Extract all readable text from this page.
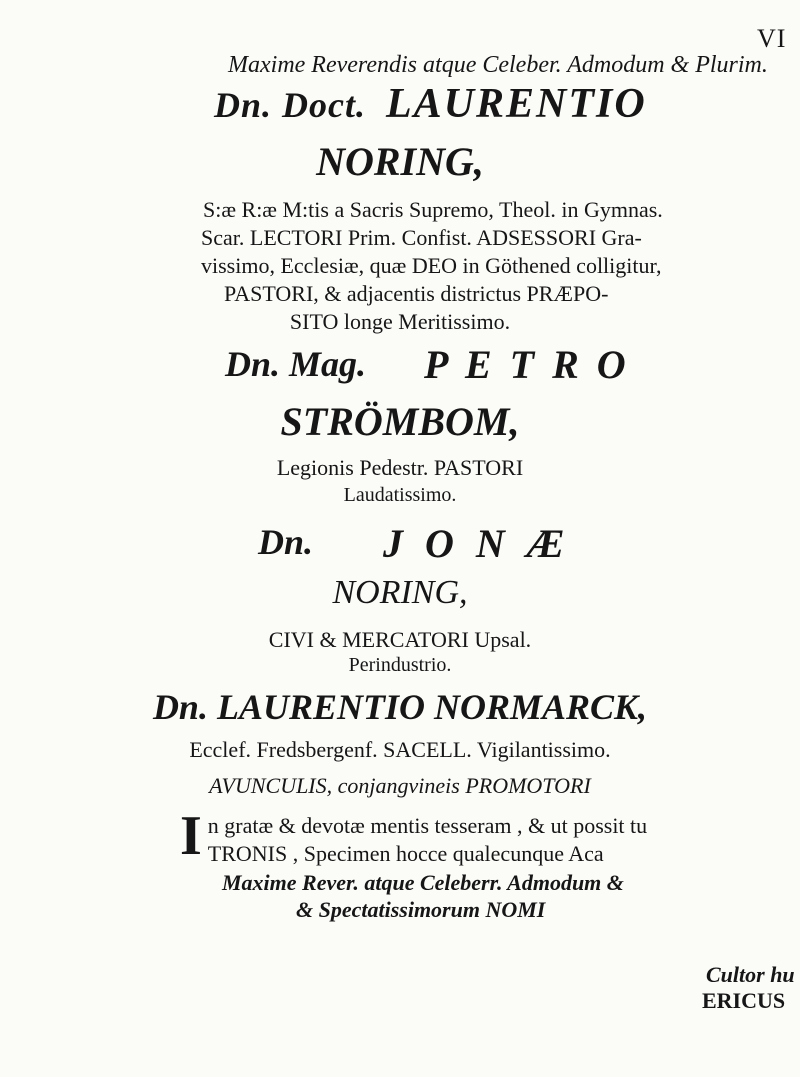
VI
Maxime Reverendis atque Celeber. Admodum & Plurim.
Dn. Doct. LAURENTIO
NORING,
S:æ R:æ M:tis a Sacris Supremo, Theol. in Gymnas.
Scar. LECTORI Prim. Confist. ADSESSORI Gra-
vissimo, Ecclesiæ, quæ DEO in Göthened colligitur,
PASTORI, & adjacentis districtus PRÆPO-
SITO longe Meritissimo.
Dn. Mag. P E T R O
STRÖMBOM,
Legionis Pedestr. PASTORI
Laudatissimo.
Dn. J O N Æ
NORING,
CIVI & MERCATORI Upsal.
Perindustrio.
Dn. LAURENTIO NORMARCK,
Ecclef. Fredsbergenf. SACELL. Vigilantissimo.
AVUNCULIS, conjangvineis PROMOTORI
I n gratæ & devotæ mentis tesseram , & ut possit tu
TRONIS , Specimen hocce qualecunque Aca
Maxime Rever. atque Celeberr. Admodum &
& Spectatissimorum NOMI
Cultor hu
ERICUS
